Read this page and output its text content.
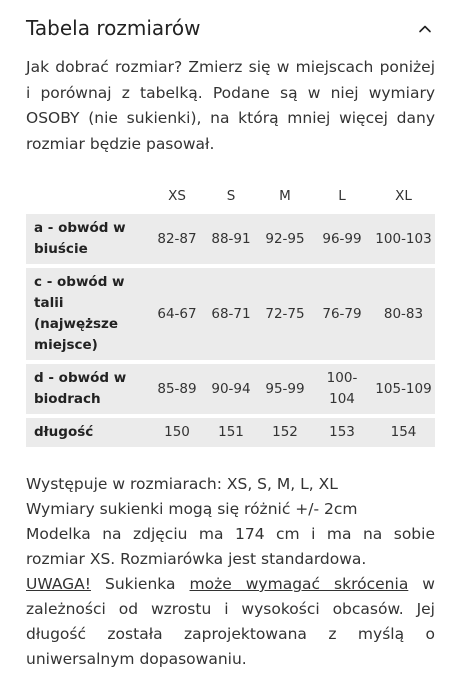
Tabela rozmiarów
Jak dobrać rozmiar? Zmierz się w miejscach poniżej i porównaj z tabelką. Podane są w niej wymiary OSOBY (nie sukienki), na którą mniej więcej dany rozmiar będzie pasował.
	XS	S	M	L	XL
a - obwód w biuście	82-87	88-91	92-95	96-99	100-103
c - obwód w talii (najwęższe miejsce)	64-67	68-71	72-75	76-79	80-83
d - obwód w biodrach	85-89	90-94	95-99	100-104	105-109
długość	150	151	152	153	154

Występuje w rozmiarach: XS, S, M, L, XL

Wymiary sukienki mogą się różnić +/- 2cm

Modelka na zdjęciu ma 174 cm i ma na sobie rozmiar XS. Rozmiarówka jest standardowa.

UWAGA! Sukienka może wymagać skrócenia w zależności od wzrostu i wysokości obcasów. Jej długość została zaprojektowana z myślą o uniwersalnym dopasowaniu.
